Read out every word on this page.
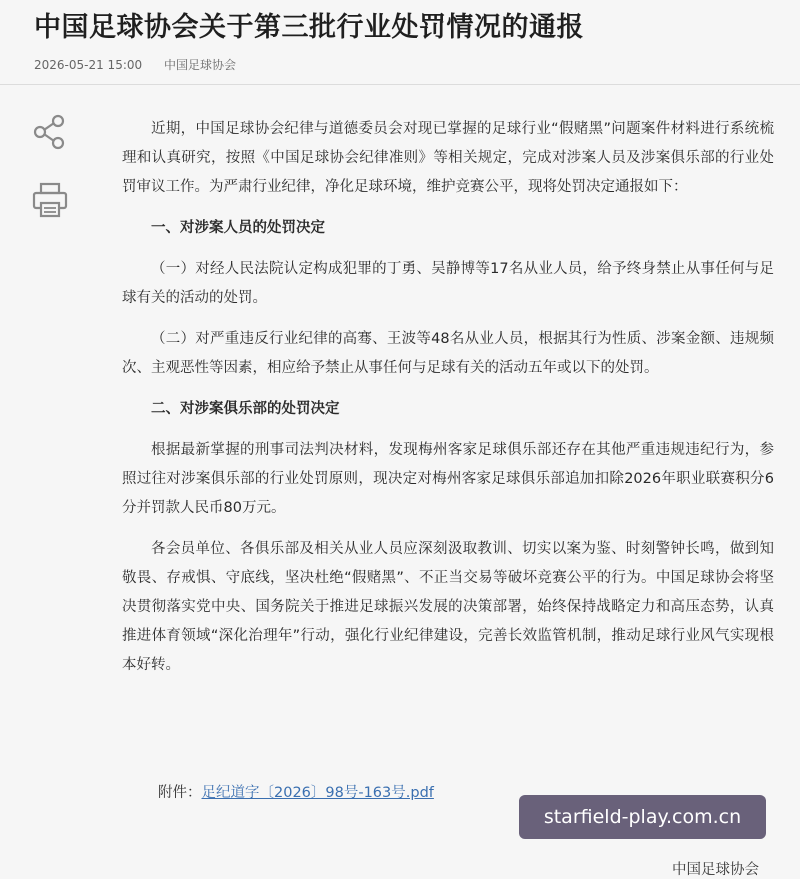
中国足球协会关于第三批行业处罚情况的通报
2026-05-21 15:00 中国足球协会

近期，中国足球协会纪律与道德委员会对现已掌握的足球行业“假赌黑”问题案件材料进行系统梳理和认真研究，按照《中国足球协会纪律准则》等相关规定，完成对涉案人员及涉案俱乐部的行业处罚审议工作。为严肃行业纪律，净化足球环境，维护竞赛公平，现将处罚决定通报如下：

一、对涉案人员的处罚决定

（一）对经人民法院认定构成犯罪的丁勇、吴静博等17名从业人员，给予终身禁止从事任何与足球有关的活动的处罚。

（二）对严重违反行业纪律的高骞、王波等48名从业人员，根据其行为性质、涉案金额、违规频次、主观恶性等因素，相应给予禁止从事任何与足球有关的活动五年或以下的处罚。

二、对涉案俱乐部的处罚决定

根据最新掌握的刑事司法判决材料，发现梅州客家足球俱乐部还存在其他严重违规违纪行为，参照过往对涉案俱乐部的行业处罚原则，现决定对梅州客家足球俱乐部追加扣除2026年职业联赛积分6分并罚款人民币80万元。

各会员单位、各俱乐部及相关从业人员应深刻汲取教训、切实以案为鉴、时刻警钟长鸣，做到知敬畏、存戒惧、守底线，坚决杜绝“假赌黑”、不正当交易等破坏竞赛公平的行为。中国足球协会将坚决贯彻落实党中央、国务院关于推进足球振兴发展的决策部署，始终保持战略定力和高压态势，认真推进体育领域“深化治理年”行动，强化行业纪律建设，完善长效监管机制，推动足球行业风气实现根本好转。

附件：足纪道字〔2026〕98号-163号.pdf
starfield-play.com.cn
中国足球协会
